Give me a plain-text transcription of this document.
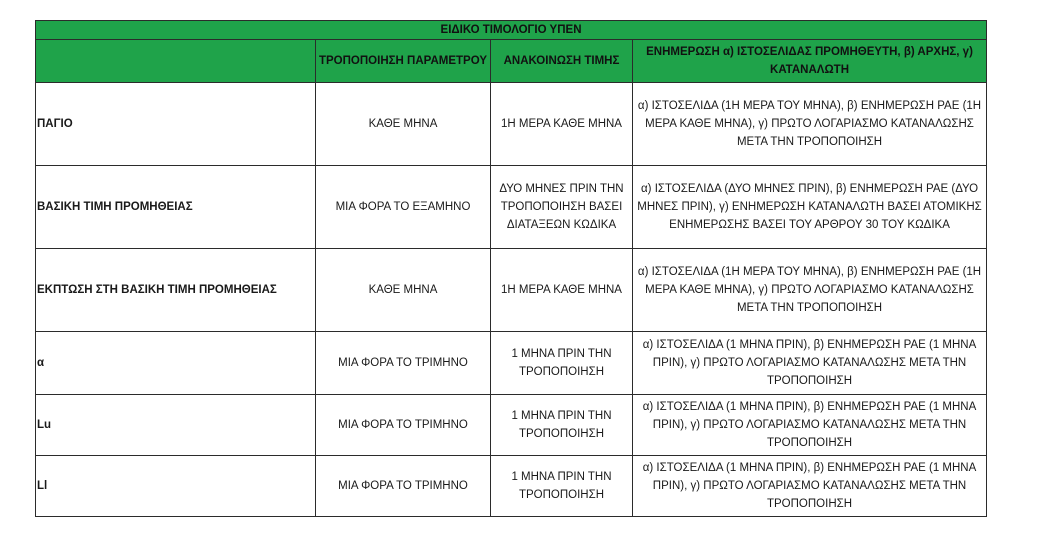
ΕΙΔΙΚΟ ΤΙΜΟΛΟΓΙΟ ΥΠΕΝ			
	ΤΡΟΠΟΠΟΙΗΣΗ ΠΑΡΑΜΕΤΡΟΥ	ΑΝΑΚΟΙΝΩΣΗ ΤΙΜΗΣ	ΕΝΗΜΕΡΩΣΗ α) ΙΣΤΟΣΕΛΙΔΑΣ ΠΡΟΜΗΘΕΥΤΗ, β) ΑΡΧΗΣ, γ) ΚΑΤΑΝΑΛΩΤΗ
ΠΑΓΙΟ	ΚΑΘΕ ΜΗΝΑ	1Η ΜΕΡΑ ΚΑΘΕ ΜΗΝΑ	α) ΙΣΤΟΣΕΛΙΔΑ (1Η ΜΕΡΑ ΤΟΥ ΜΗΝΑ), β) ΕΝΗΜΕΡΩΣΗ ΡΑΕ (1Η ΜΕΡΑ ΚΑΘΕ ΜΗΝΑ), γ) ΠΡΩΤΟ ΛΟΓΑΡΙΑΣΜΟ ΚΑΤΑΝΑΛΩΣΗΣ ΜΕΤΑ ΤΗΝ ΤΡΟΠΟΠΟΙΗΣΗ
ΒΑΣΙΚΗ ΤΙΜΗ ΠΡΟΜΗΘΕΙΑΣ	ΜΙΑ ΦΟΡΑ ΤΟ ΕΞΑΜΗΝΟ	ΔΥΟ ΜΗΝΕΣ ΠΡΙΝ ΤΗΝ ΤΡΟΠΟΠΟΙΗΣΗ ΒΑΣΕΙ ΔΙΑΤΑΞΕΩΝ ΚΩΔΙΚΑ	α) ΙΣΤΟΣΕΛΙΔΑ (ΔΥΟ ΜΗΝΕΣ ΠΡΙΝ), β) ΕΝΗΜΕΡΩΣΗ ΡΑΕ (ΔΥΟ ΜΗΝΕΣ ΠΡΙΝ), γ) ΕΝΗΜΕΡΩΣΗ ΚΑΤΑΝΑΛΩΤΗ ΒΑΣΕΙ ΑΤΟΜΙΚΗΣ ΕΝΗΜΕΡΩΣΗΣ ΒΑΣΕΙ ΤΟΥ ΑΡΘΡΟΥ 30 ΤΟΥ ΚΩΔΙΚΑ
ΕΚΠΤΩΣΗ ΣΤΗ ΒΑΣΙΚΗ ΤΙΜΗ ΠΡΟΜΗΘΕΙΑΣ	ΚΑΘΕ ΜΗΝΑ	1Η ΜΕΡΑ ΚΑΘΕ ΜΗΝΑ	α) ΙΣΤΟΣΕΛΙΔΑ (1Η ΜΕΡΑ ΤΟΥ ΜΗΝΑ), β) ΕΝΗΜΕΡΩΣΗ ΡΑΕ (1Η ΜΕΡΑ ΚΑΘΕ ΜΗΝΑ), γ) ΠΡΩΤΟ ΛΟΓΑΡΙΑΣΜΟ ΚΑΤΑΝΑΛΩΣΗΣ ΜΕΤΑ ΤΗΝ ΤΡΟΠΟΠΟΙΗΣΗ
α	ΜΙΑ ΦΟΡΑ ΤΟ ΤΡΙΜΗΝΟ	1 ΜΗΝΑ ΠΡΙΝ ΤΗΝ ΤΡΟΠΟΠΟΙΗΣΗ	α) ΙΣΤΟΣΕΛΙΔΑ (1 ΜΗΝΑ ΠΡΙΝ), β) ΕΝΗΜΕΡΩΣΗ ΡΑΕ (1 ΜΗΝΑ ΠΡΙΝ), γ) ΠΡΩΤΟ ΛΟΓΑΡΙΑΣΜΟ ΚΑΤΑΝΑΛΩΣΗΣ ΜΕΤΑ ΤΗΝ ΤΡΟΠΟΠΟΙΗΣΗ
Lu	ΜΙΑ ΦΟΡΑ ΤΟ ΤΡΙΜΗΝΟ	1 ΜΗΝΑ ΠΡΙΝ ΤΗΝ ΤΡΟΠΟΠΟΙΗΣΗ	α) ΙΣΤΟΣΕΛΙΔΑ (1 ΜΗΝΑ ΠΡΙΝ), β) ΕΝΗΜΕΡΩΣΗ ΡΑΕ (1 ΜΗΝΑ ΠΡΙΝ), γ) ΠΡΩΤΟ ΛΟΓΑΡΙΑΣΜΟ ΚΑΤΑΝΑΛΩΣΗΣ ΜΕΤΑ ΤΗΝ ΤΡΟΠΟΠΟΙΗΣΗ
Ll	ΜΙΑ ΦΟΡΑ ΤΟ ΤΡΙΜΗΝΟ	1 ΜΗΝΑ ΠΡΙΝ ΤΗΝ ΤΡΟΠΟΠΟΙΗΣΗ	α) ΙΣΤΟΣΕΛΙΔΑ (1 ΜΗΝΑ ΠΡΙΝ), β) ΕΝΗΜΕΡΩΣΗ ΡΑΕ (1 ΜΗΝΑ ΠΡΙΝ), γ) ΠΡΩΤΟ ΛΟΓΑΡΙΑΣΜΟ ΚΑΤΑΝΑΛΩΣΗΣ ΜΕΤΑ ΤΗΝ ΤΡΟΠΟΠΟΙΗΣΗ
